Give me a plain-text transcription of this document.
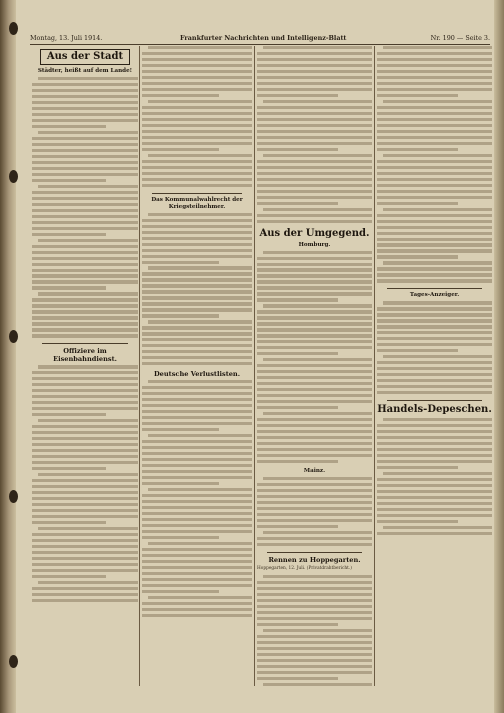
Montag, 13. Juli 1914.	Frankfurter Nachrichten und Intelligenz-Blatt	Nr. 190 — Seite 3.
Aus der Stadt
Städter, heißt auf dem Lande!
Offiziere im Eisenbahndienst.
Das Kommunalwahlrecht der Kriegsteilnehmer.
Deutsche Verlustlisten.
Aus der Umgegend.
Homburg.
Mainz.
Rennen zu Hoppegarten.
Hoppegarten, 12. Juli. (Privatdrahtbericht.)
Tages-Anzeiger.
Handels-Depeschen.
